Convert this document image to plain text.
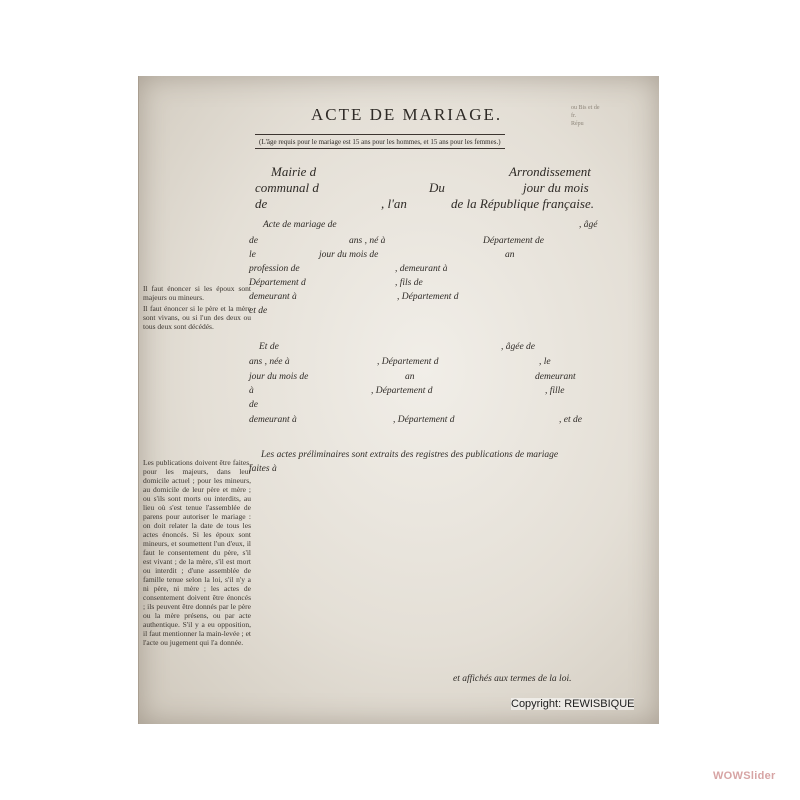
ACTE DE MARIAGE.	ou Bis et de
fr.
Répu
(L'âge requis pour le mariage est 15 ans pour les hommes, et 15 ans pour les femmes.)
Mairie d	Arrondissement
communal d	Du	jour du mois
de	, l'an	de la République française.
Acte de mariage de	, âgé
de	ans , né à	Département de
le	jour du mois de	an
profession de	, demeurant à
Département d	, fils de
demeurant à	, Département d
et de
Et de	, âgée de
ans , née à	, Département d	, le
jour du mois de	an	demeurant
à	, Département d	, fille
de
demeurant à	, Département d	, et de
Les actes préliminaires sont extraits des registres des publications de mariage
faites à
et affichés aux termes de la loi.
Il faut énoncer si les époux sont majeurs ou mineurs.
Il faut énoncer si le père et la mère sont vivans, ou si l'un des deux ou tous deux sont décédés.
Les publications doivent être faites, pour les majeurs, dans leur domicile actuel ; pour les mineurs, au domicile de leur père et mère ; ou s'ils sont morts ou interdits, au lieu où s'est tenue l'assemblée de parens pour autoriser le mariage : on doit relater la date de tous les actes énoncés. Si les époux sont mineurs, et soumettent l'un d'eux, il faut le consentement du père, s'il est vivant ; de la mère, s'il est mort ou interdit ; d'une assemblée de famille tenue selon la loi, s'il n'y a ni père, ni mère ; les actes de consentement doivent être énoncés ; ils peuvent être donnés par le père ou la mère présens, ou par acte authentique. S'il y a eu opposition, il faut mentionner la main-levée ; et l'acte ou jugement qui l'a donnée.
Copyright: REWISBIQUE
WOWSlider
